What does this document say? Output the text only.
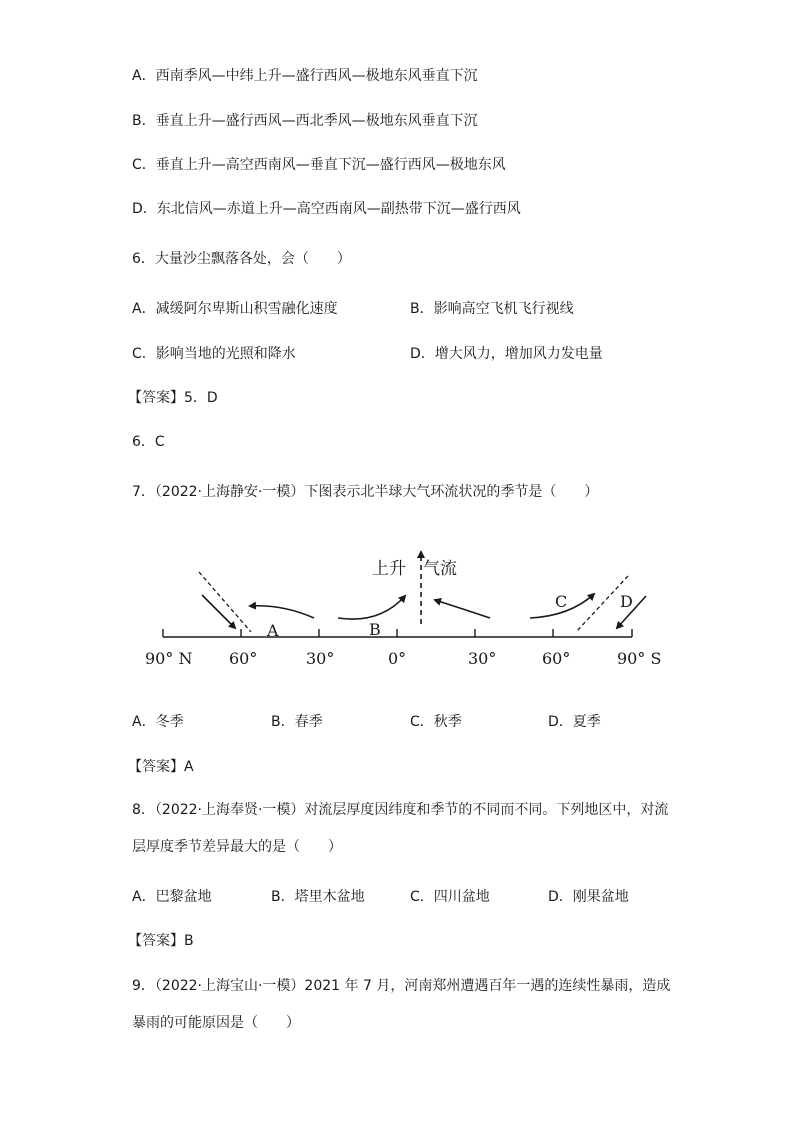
A．西南季风—中纬上升—盛行西风—极地东风垂直下沉
B．垂直上升—盛行西风—西北季风—极地东风垂直下沉
C．垂直上升—高空西南风—垂直下沉—盛行西风—极地东风
D．东北信风—赤道上升—高空西南风—副热带下沉—盛行西风
6．大量沙尘飘落各处，会（　　）
A．减缓阿尔卑斯山积雪融化速度	B．影响高空飞机飞行视线
C．影响当地的光照和降水	D．增大风力，增加风力发电量
【答案】5．D
6．C
7．（2022·上海静安·一模）下图表示北半球大气环流状况的季节是（　　）
上升　气流
A	B
C	D
90° N 60°	30°	0°	30°	60°	90° S
A．冬季	B．春季	C．秋季	D．夏季
【答案】A
8．（2022·上海奉贤·一模）对流层厚度因纬度和季节的不同而不同。下列地区中，对流
层厚度季节差异最大的是（　　）
A．巴黎盆地	B．塔里木盆地	C．四川盆地	D．刚果盆地
【答案】B
9．（2022·上海宝山·一模）2021 年 7 月，河南郑州遭遇百年一遇的连续性暴雨，造成
暴雨的可能原因是（　　）
